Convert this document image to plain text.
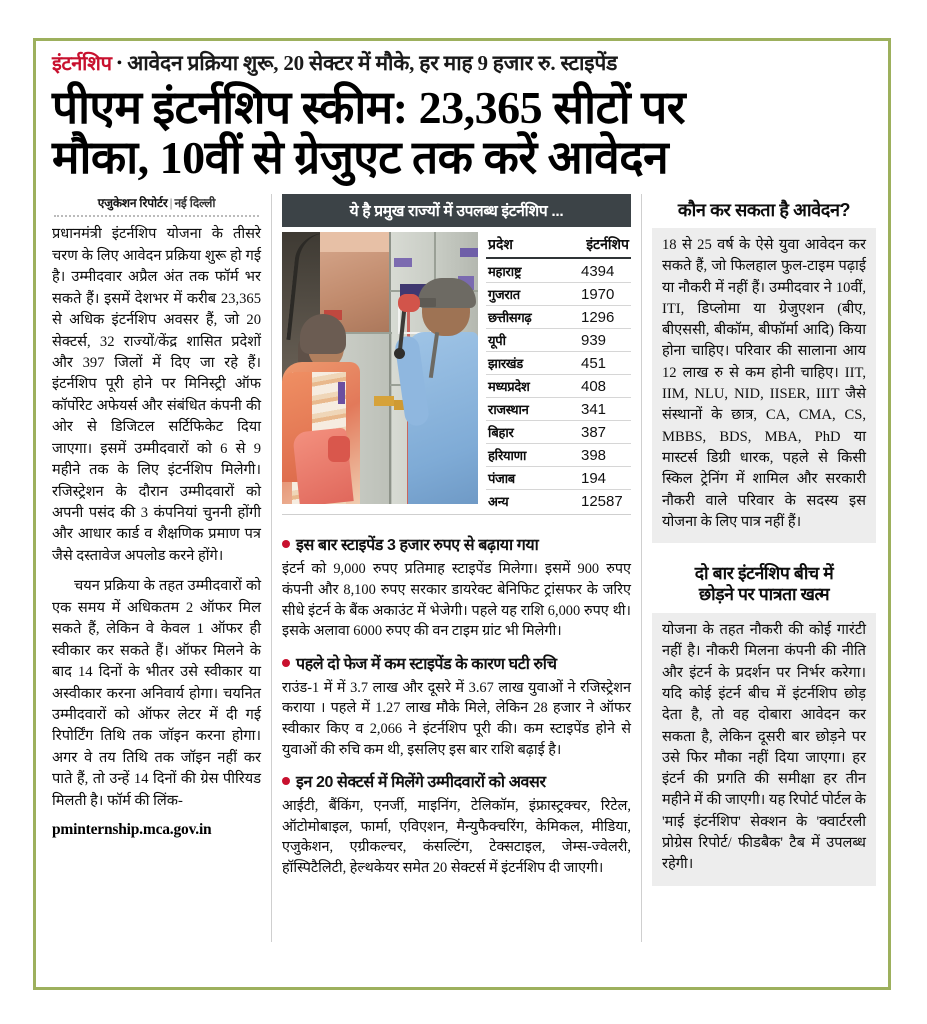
इंटर्नशिप • आवेदन प्रक्रिया शुरू, 20 सेक्टर में मौके, हर माह 9 हजार रु. स्टाइपेंड
पीएम इंटर्नशिप स्कीम: 23,365 सीटों पर
मौका, 10वीं से ग्रेजुएट तक करें आवेदन
एजुकेशन रिपोर्टर | नई दिल्ली

प्रधानमंत्री इंटर्नशिप योजना के तीसरे चरण के लिए आवेदन प्रक्रिया शुरू हो गई है। उम्मीदवार अप्रैल अंत तक फॉर्म भर सकते हैं। इसमें देशभर में करीब 23,365 से अधिक इंटर्नशिप अवसर हैं, जो 20 सेक्टर्स, 32 राज्यों/केंद्र शासित प्रदेशों और 397 जिलों में दिए जा रहे हैं। इंटर्नशिप पूरी होने पर मिनिस्ट्री ऑफ कॉर्पोरेट अफेयर्स और संबंधित कंपनी की ओर से डिजिटल सर्टिफिकेट दिया जाएगा। इसमें उम्मीदवारों को 6 से 9 महीने तक के लिए इंटर्नशिप मिलेगी। रजिस्ट्रेशन के दौरान उम्मीदवारों को अपनी पसंद की 3 कंपनियां चुननी होंगी और आधार कार्ड व शैक्षणिक प्रमाण पत्र जैसे दस्तावेज अपलोड करने होंगे।

चयन प्रक्रिया के तहत उम्मीदवारों को एक समय में अधिकतम 2 ऑफर मिल सकते हैं, लेकिन वे केवल 1 ऑफर ही स्वीकार कर सकते हैं। ऑफर मिलने के बाद 14 दिनों के भीतर उसे स्वीकार या अस्वीकार करना अनिवार्य होगा। चयनित उम्मीदवारों को ऑफर लेटर में दी गई रिपोर्टिंग तिथि तक जॉइन करना होगा। अगर वे तय तिथि तक जॉइन नहीं कर पाते हैं, तो उन्हें 14 दिनों की ग्रेस पीरियड मिलती है। फॉर्म की लिंक-

pminternship.mca.gov.in
ये है प्रमुख राज्यों में उपलब्ध इंटर्नशिप ...
प्रदेश	इंटर्नशिप
महाराष्ट्र	4394
गुजरात	1970
छत्तीसगढ़	1296
यूपी	939
झारखंड	451
मध्यप्रदेश	408
राजस्थान	341
बिहार	387
हरियाणा	398
पंजाब	194
अन्य	12587
इस बार स्टाइपेंड 3 हजार रुपए से बढ़ाया गया

इंटर्न को 9,000 रुपए प्रतिमाह स्टाइपेंड मिलेगा। इसमें 900 रुपए कंपनी और 8,100 रुपए सरकार डायरेक्ट बेनिफिट ट्रांसफर के जरिए सीधे इंटर्न के बैंक अकाउंट में भेजेगी। पहले यह राशि 6,000 रुपए थी। इसके अलावा 6000 रुपए की वन टाइम ग्रांट भी मिलेगी।

पहले दो फेज में कम स्टाइपेंड के कारण घटी रुचि

राउंड-1 में में 3.7 लाख और दूसरे में 3.67 लाख युवाओं ने रजिस्ट्रेशन कराया । पहले में 1.27 लाख मौके मिले, लेकिन 28 हजार ने ऑफर स्वीकार किए व 2,066 ने इंटर्नशिप पूरी की। कम स्टाइपेंड होने से युवाओं की रुचि कम थी, इसलिए इस बार राशि बढ़ाई है।

इन 20 सेक्टर्स में मिलेंगे उम्मीदवारों को अवसर

आईटी, बैंकिंग, एनर्जी, माइनिंग, टेलिकॉम, इंफ्रास्ट्रक्चर, रिटेल, ऑटोमोबाइल, फार्मा, एविएशन, मैन्युफैक्चरिंग, केमिकल, मीडिया, एजुकेशन, एग्रीकल्चर, कंसल्टिंग, टेक्सटाइल, जेम्स-ज्वेलरी, हॉस्पिटैलिटी, हेल्थकेयर समेत 20 सेक्टर्स में इंटर्नशिप दी जाएगी।

कौन कर सकता है आवेदन?

18 से 25 वर्ष के ऐसे युवा आवेदन कर सकते हैं, जो फिलहाल फुल-टाइम पढ़ाई या नौकरी में नहीं हैं। उम्मीदवार ने 10वीं, ITI, डिप्लोमा या ग्रेजुएशन (बीए, बीएससी, बीकॉम, बीफॉर्मा आदि) किया होना चाहिए। परिवार की सालाना आय 12 लाख रु से कम होनी चाहिए। IIT, IIM, NLU, NID, IISER, IIIT जैसे संस्थानों के छात्र, CA, CMA, CS, MBBS, BDS, MBA, PhD या मास्टर्स डिग्री धारक, पहले से किसी स्किल ट्रेनिंग में शामिल और सरकारी नौकरी वाले परिवार के सदस्य इस योजना के लिए पात्र नहीं हैं।

दो बार इंटर्नशिप बीच में
छोड़ने पर पात्रता खत्म

योजना के तहत नौकरी की कोई गारंटी नहीं है। नौकरी मिलना कंपनी की नीति और इंटर्न के प्रदर्शन पर निर्भर करेगा। यदि कोई इंटर्न बीच में इंटर्नशिप छोड़ देता है, तो वह दोबारा आवेदन कर सकता है, लेकिन दूसरी बार छोड़ने पर उसे फिर मौका नहीं दिया जाएगा। हर इंटर्न की प्रगति की समीक्षा हर तीन महीने में की जाएगी। यह रिपोर्ट पोर्टल के 'माई इंटर्नशिप' सेक्शन के 'क्वार्टरली प्रोग्रेस रिपोर्ट/ फीडबैक' टैब में उपलब्ध रहेगी।
